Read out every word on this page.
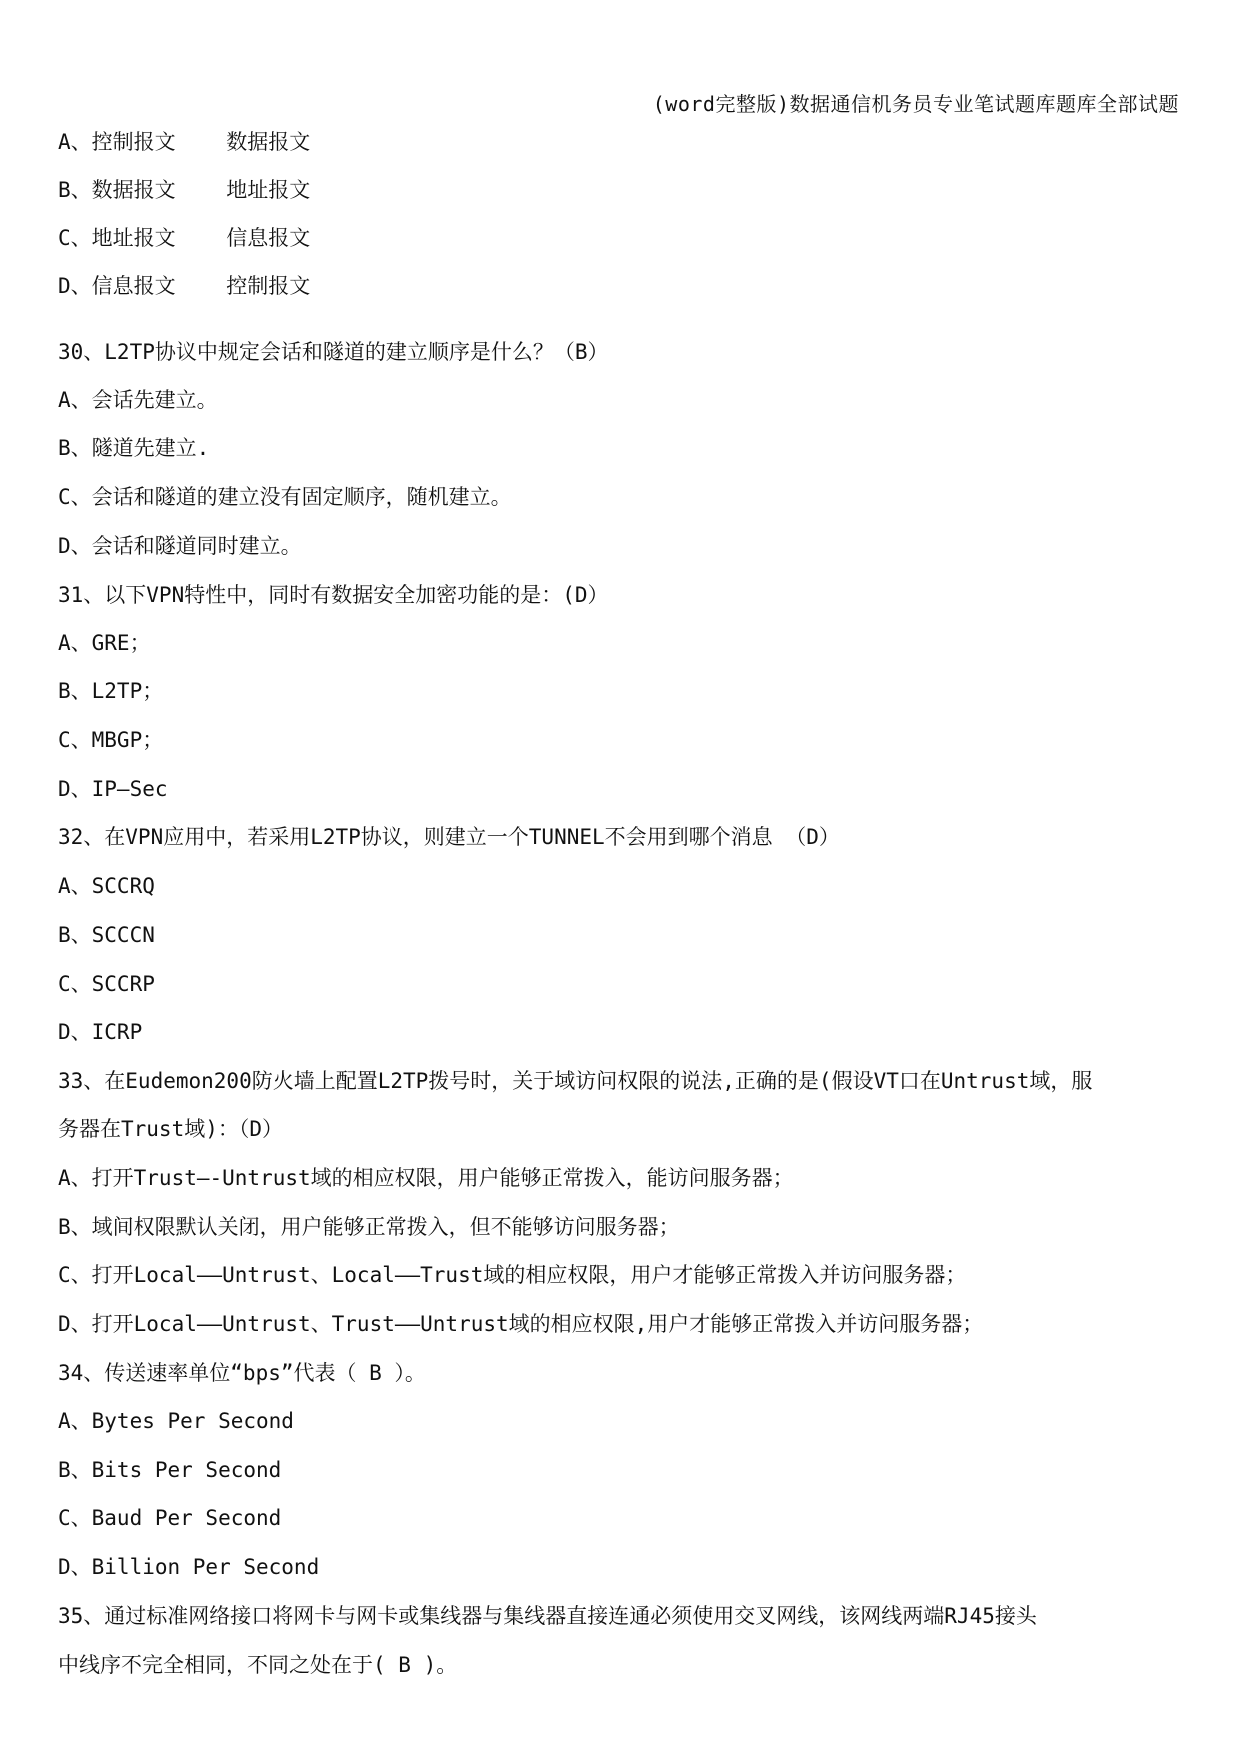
(word完整版)数据通信机务员专业笔试题库题库全部试题
A、控制报文    数据报文
B、数据报文    地址报文
C、地址报文    信息报文
D、信息报文    控制报文
30、L2TP协议中规定会话和隧道的建立顺序是什么？（B）
A、会话先建立。
B、隧道先建立.
C、会话和隧道的建立没有固定顺序，随机建立。
D、会话和隧道同时建立。
31、以下VPN特性中，同时有数据安全加密功能的是：(D）
A、GRE；
B、L2TP；
C、MBGP；
D、IP—Sec
32、在VPN应用中，若采用L2TP协议，则建立一个TUNNEL不会用到哪个消息 （D）
A、SCCRQ
B、SCCCN
C、SCCRP
D、ICRP
33、在Eudemon200防火墙上配置L2TP拨号时，关于域访问权限的说法,正确的是(假设VT口在Untrust域，服
务器在Trust域)：（D）
A、打开Trust—-Untrust域的相应权限，用户能够正常拨入，能访问服务器；
B、域间权限默认关闭，用户能够正常拨入，但不能够访问服务器；
C、打开Local——Untrust、Local——Trust域的相应权限，用户才能够正常拨入并访问服务器；
D、打开Local——Untrust、Trust——Untrust域的相应权限,用户才能够正常拨入并访问服务器；
34、传送速率单位“bps”代表（ B ）。
A、Bytes Per Second
B、Bits Per Second
C、Baud Per Second
D、Billion Per Second
35、通过标准网络接口将网卡与网卡或集线器与集线器直接连通必须使用交叉网线，该网线两端RJ45接头
中线序不完全相同，不同之处在于( B )。
